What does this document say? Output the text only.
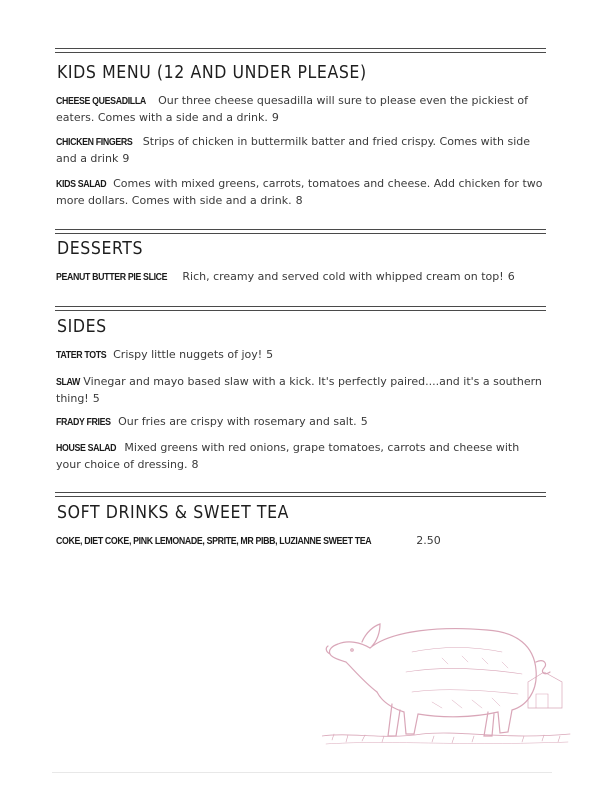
KIDS MENU (12 AND UNDER PLEASE)

CHEESE QUESADILLA Our three cheese quesadilla will sure to please even the pickiest of eaters. Comes with a side and a drink. 9

CHICKEN FINGERS Strips of chicken in buttermilk batter and fried crispy. Comes with side and a drink 9

KIDS SALAD Comes with mixed greens, carrots, tomatoes and cheese. Add chicken for two more dollars. Comes with side and a drink. 8

DESSERTS

PEANUT BUTTER PIE SLICE Rich, creamy and served cold with whipped cream on top! 6

SIDES

TATER TOTS Crispy little nuggets of joy! 5

SLAW Vinegar and mayo based slaw with a kick. It's perfectly paired....and it's a southern thing! 5

FRADY FRIES Our fries are crispy with rosemary and salt. 5

HOUSE SALAD Mixed greens with red onions, grape tomatoes, carrots and cheese with your choice of dressing. 8

SOFT DRINKS & SWEET TEA

COKE, DIET COKE, PINK LEMONADE, SPRITE, MR PIBB, LUZIANNE SWEET TEA	2.50
